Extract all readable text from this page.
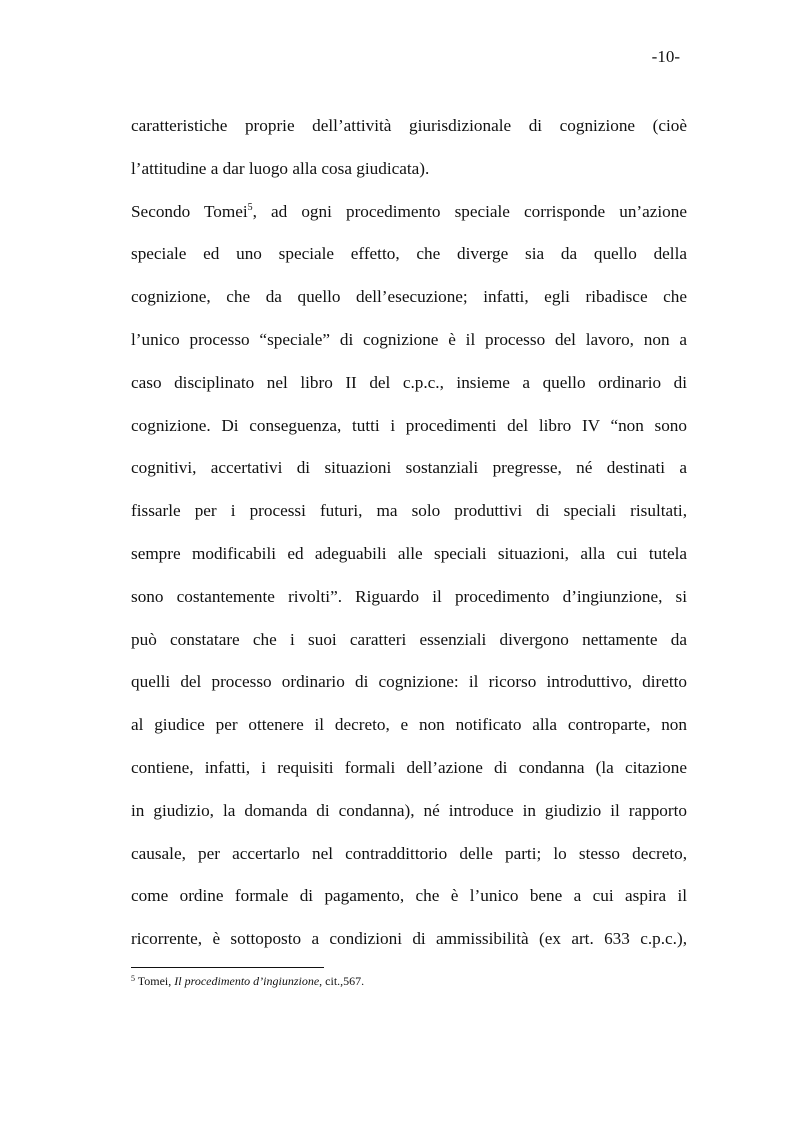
-10-
caratteristiche proprie dell’attività giurisdizionale di cognizione (cioè
l’attitudine a dar luogo alla cosa giudicata).
Secondo Tomei$^5$, ad ogni procedimento speciale corrisponde un’azione
speciale ed uno speciale effetto, che diverge sia da quello della
cognizione, che da quello dell’esecuzione; infatti, egli ribadisce che
l’unico processo “speciale” di cognizione è il processo del lavoro, non a
caso disciplinato nel libro II del c.p.c., insieme a quello ordinario di
cognizione. Di conseguenza, tutti i procedimenti del libro IV “non sono
cognitivi, accertativi di situazioni sostanziali pregresse, né destinati a
fissarle per i processi futuri, ma solo produttivi di speciali risultati,
sempre modificabili ed adeguabili alle speciali situazioni, alla cui tutela
sono costantemente rivolti”. Riguardo il procedimento d’ingiunzione, si
può constatare che i suoi caratteri essenziali divergono nettamente da
quelli del processo ordinario di cognizione: il ricorso introduttivo, diretto
al giudice per ottenere il decreto, e non notificato alla controparte, non
contiene, infatti, i requisiti formali dell’azione di condanna (la citazione
in giudizio, la domanda di condanna), né introduce in giudizio il rapporto
causale, per accertarlo nel contraddittorio delle parti; lo stesso decreto,
come ordine formale di pagamento, che è l’unico bene a cui aspira il
ricorrente, è sottoposto a condizioni di ammissibilità (ex art. 633 c.p.c.),
$^5$ Tomei, Il procedimento d’ingiunzione, cit.,567.
